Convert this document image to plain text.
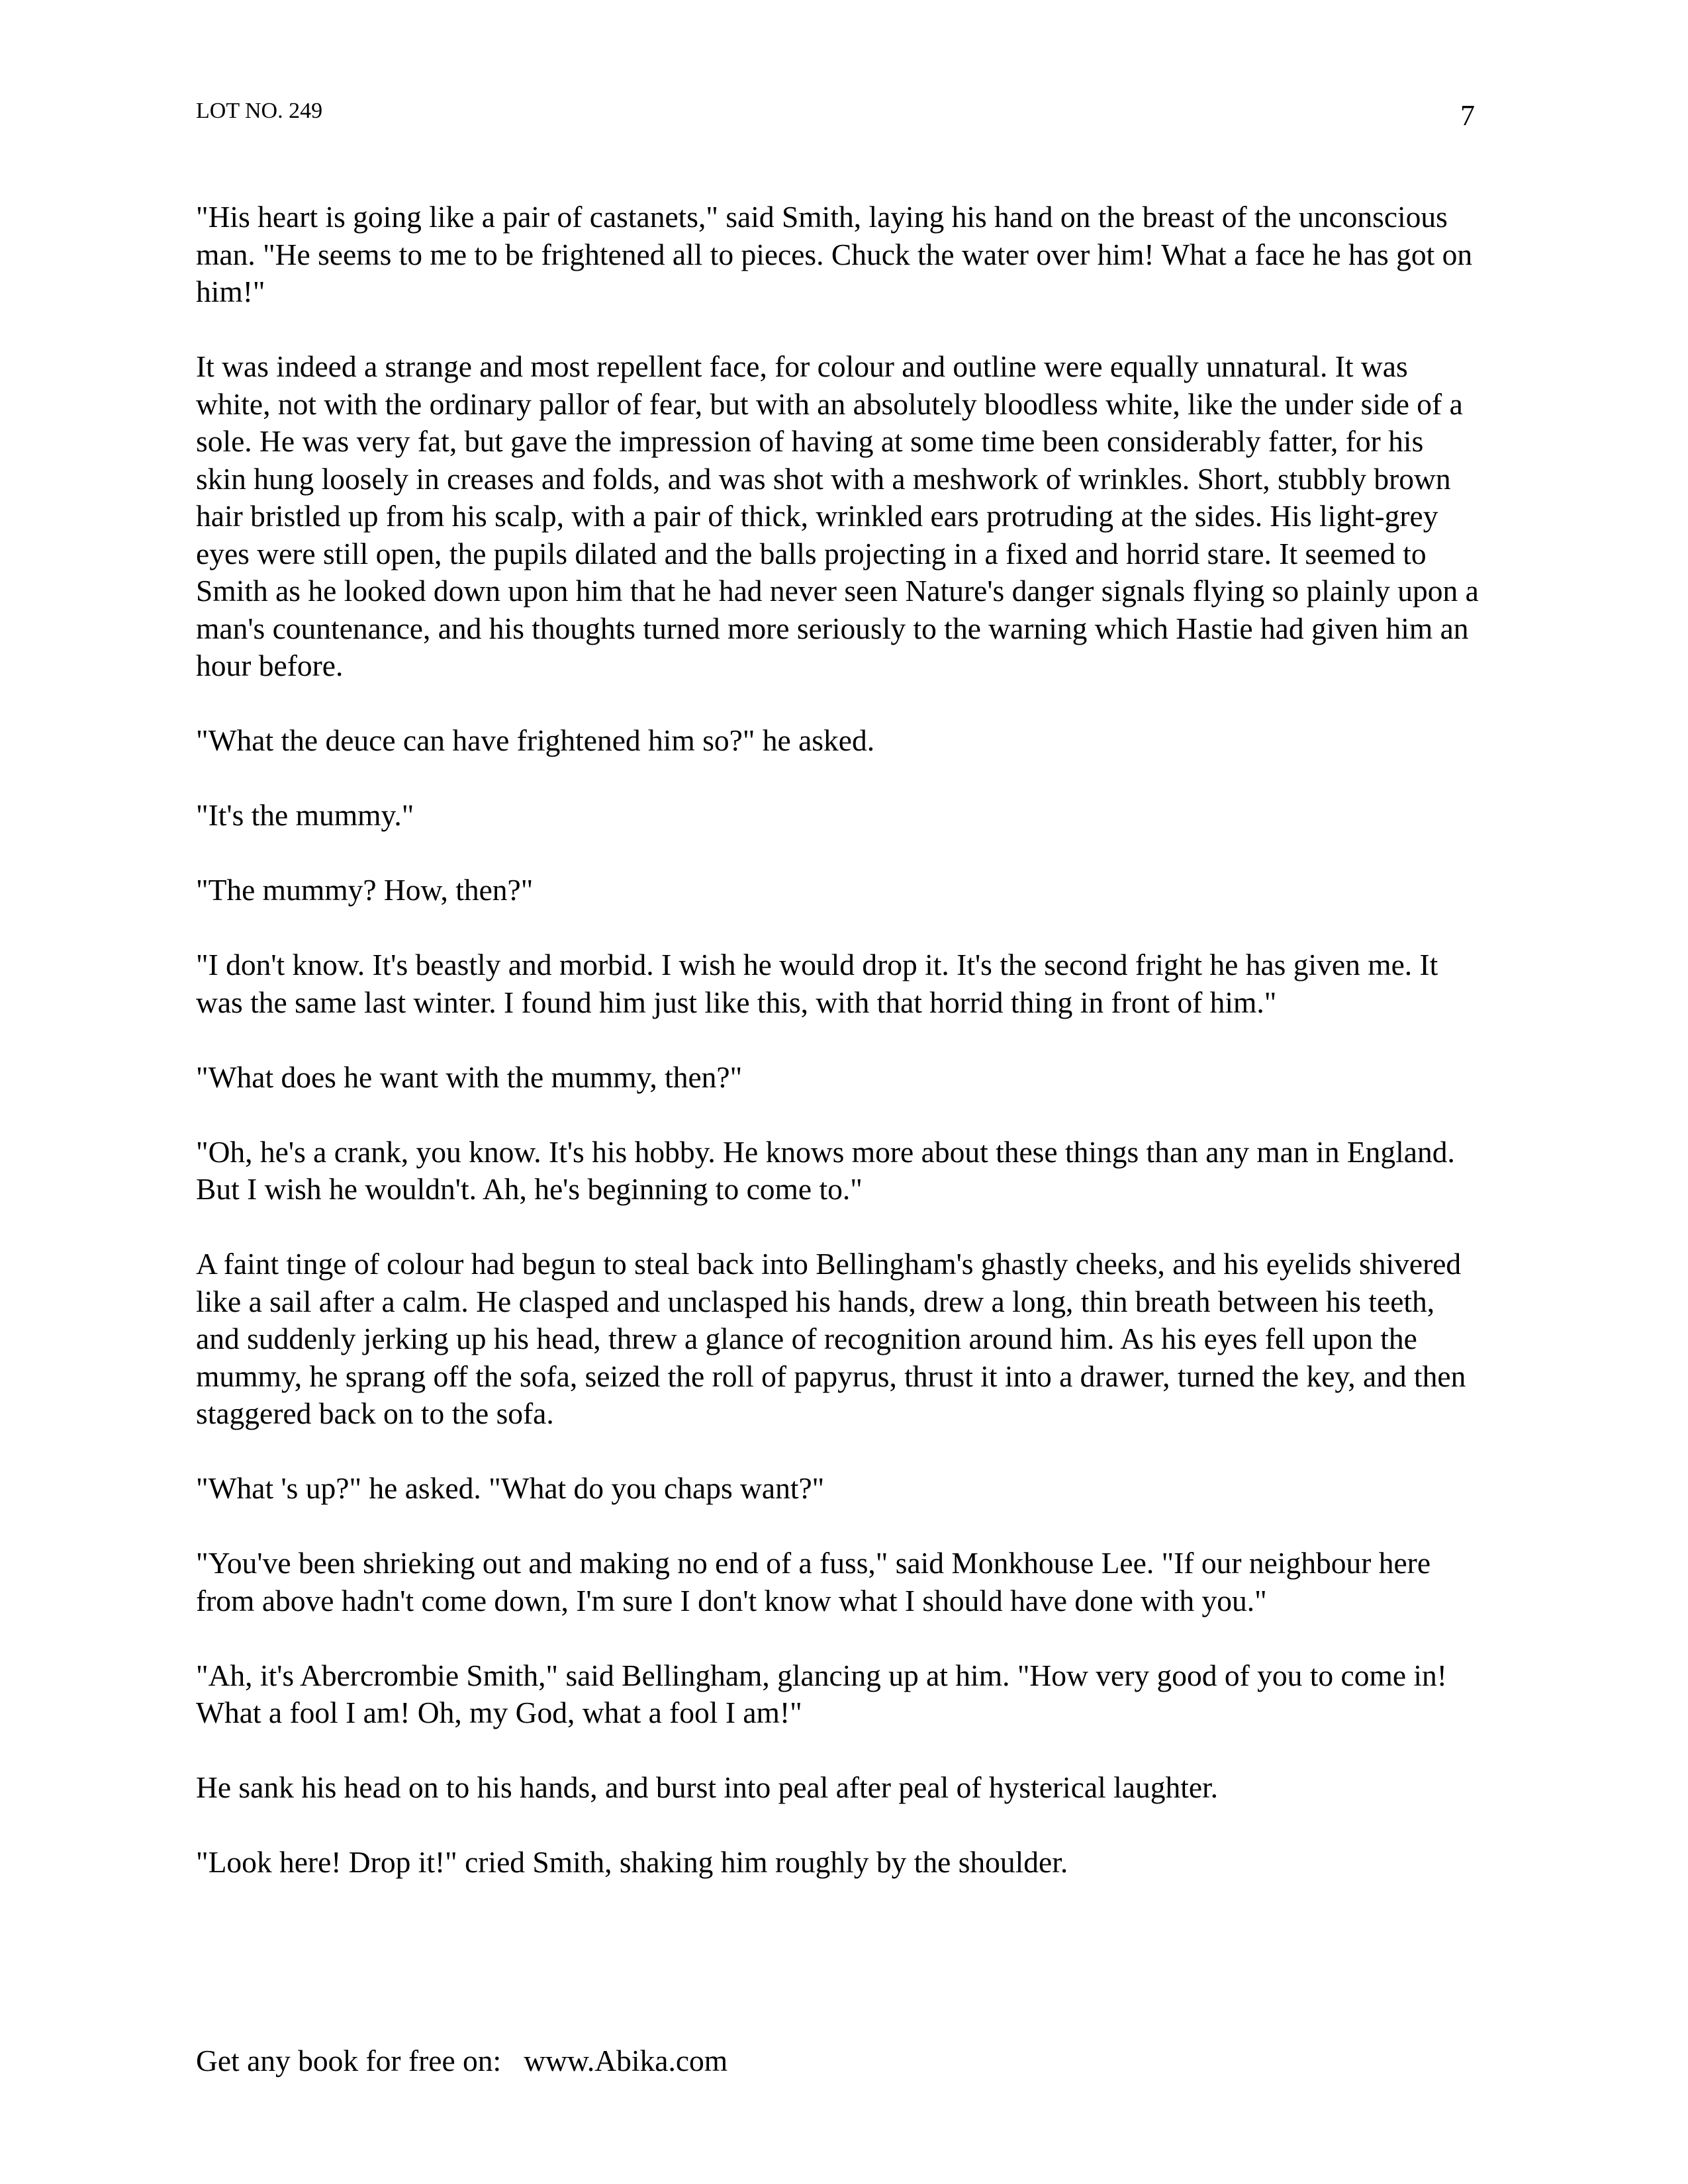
LOT NO. 249	7

"His heart is going like a pair of castanets," said Smith, laying his hand on the breast of the unconscious man. "He seems to me to be frightened all to pieces. Chuck the water over him! What a face he has got on him!"

It was indeed a strange and most repellent face, for colour and outline were equally unnatural. It was white, not with the ordinary pallor of fear, but with an absolutely bloodless white, like the under side of a sole. He was very fat, but gave the impression of having at some time been considerably fatter, for his skin hung loosely in creases and folds, and was shot with a meshwork of wrinkles. Short, stubbly brown hair bristled up from his scalp, with a pair of thick, wrinkled ears protruding at the sides. His light-grey eyes were still open, the pupils dilated and the balls projecting in a fixed and horrid stare. It seemed to Smith as he looked down upon him that he had never seen Nature's danger signals flying so plainly upon a man's countenance, and his thoughts turned more seriously to the warning which Hastie had given him an hour before.

"What the deuce can have frightened him so?" he asked.

"It's the mummy."

"The mummy? How, then?"

"I don't know. It's beastly and morbid. I wish he would drop it. It's the second fright he has given me. It was the same last winter. I found him just like this, with that horrid thing in front of him."

"What does he want with the mummy, then?"

"Oh, he's a crank, you know. It's his hobby. He knows more about these things than any man in England. But I wish he wouldn't. Ah, he's beginning to come to."

A faint tinge of colour had begun to steal back into Bellingham's ghastly cheeks, and his eyelids shivered like a sail after a calm. He clasped and unclasped his hands, drew a long, thin breath between his teeth, and suddenly jerking up his head, threw a glance of recognition around him. As his eyes fell upon the mummy, he sprang off the sofa, seized the roll of papyrus, thrust it into a drawer, turned the key, and then staggered back on to the sofa.

"What 's up?" he asked. "What do you chaps want?"

"You've been shrieking out and making no end of a fuss," said Monkhouse Lee. "If our neighbour here from above hadn't come down, I'm sure I don't know what I should have done with you."

"Ah, it's Abercrombie Smith," said Bellingham, glancing up at him. "How very good of you to come in! What a fool I am! Oh, my God, what a fool I am!"

He sank his head on to his hands, and burst into peal after peal of hysterical laughter.

"Look here! Drop it!" cried Smith, shaking him roughly by the shoulder.

Get any book for free on:   www.Abika.com
